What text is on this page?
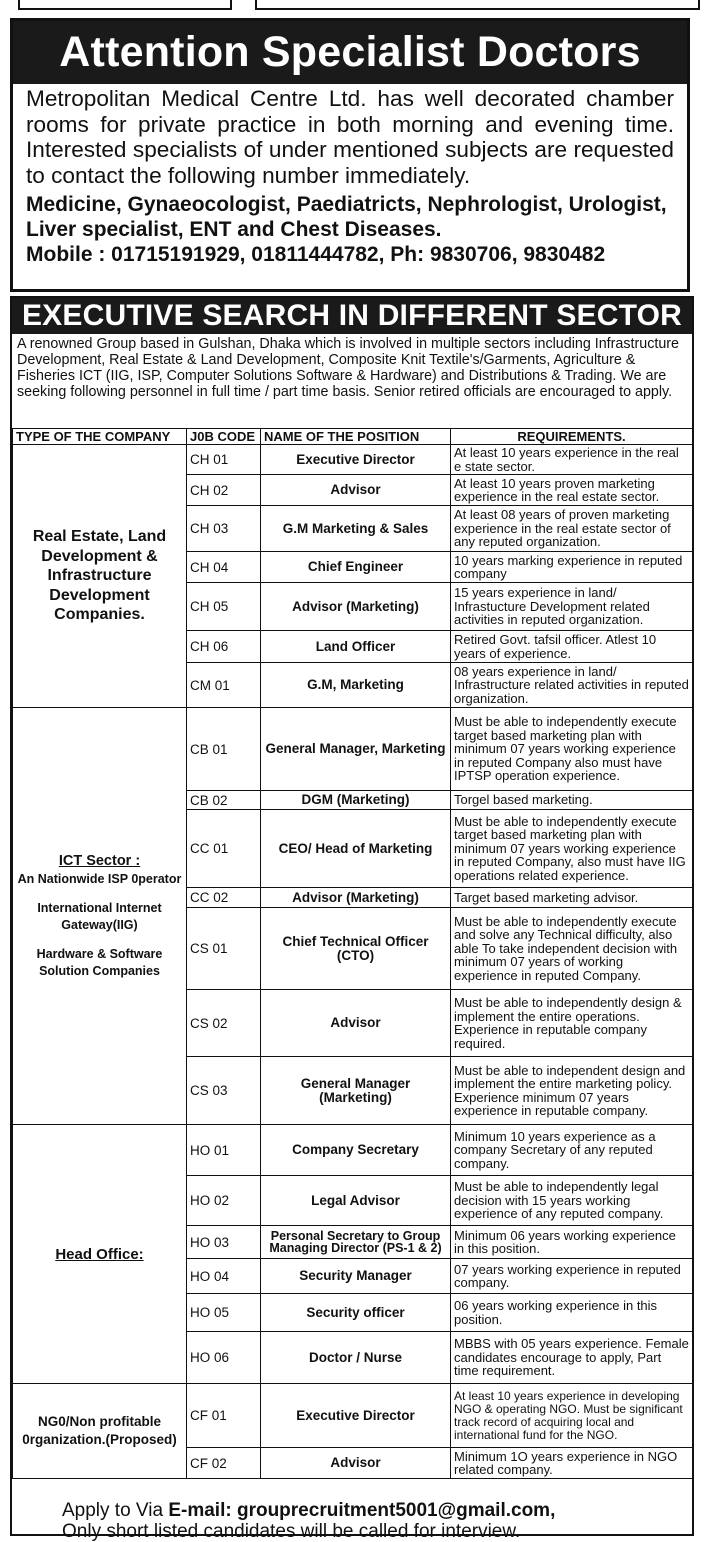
Attention Specialist Doctors
Metropolitan Medical Centre Ltd. has well decorated chamber rooms for private practice in both morning and evening time. Interested specialists of under mentioned subjects are requested to contact the following number immediately.
Medicine, Gynaeocologist, Paediatricts, Nephrologist, Urologist, Liver specialist, ENT and Chest Diseases.
Mobile : 01715191929, 01811444782, Ph: 9830706, 9830482
EXECUTIVE SEARCH IN DIFFERENT SECTOR
A renowned Group based in Gulshan, Dhaka which is involved in multiple sectors including Infrastructure Development, Real Estate & Land Development, Composite Knit Textile's/Garments, Agriculture & Fisheries ICT (IIG, ISP, Computer Solutions Software & Hardware) and Distributions & Trading. We are seeking following personnel in full time / part time basis. Senior retired officials are encouraged to apply.
TYPE OF THE COMPANY	J0B CODE	NAME OF THE POSITION	REQUIREMENTS.
Real Estate, Land Development & Infrastructure Development Companies.	CH 01	Executive Director	At least 10 years experience in the real e state sector.
	CH 02	Advisor	At least 10 years proven marketing experience in the real estate sector.
	CH 03	G.M Marketing & Sales	At least 08 years of proven marketing experience in the real estate sector of any reputed organization.
	CH 04	Chief Engineer	10 years marking experience in reputed company
	CH 05	Advisor (Marketing)	15 years experience in land/ Infrastucture Development related activities in reputed organization.
	CH 06	Land Officer	Retired Govt. tafsil officer. Atlest 10 years of experience.
	CM 01	G.M, Marketing	08 years experience in land/ Infrastructure related activities in reputed organization.

ICT Sector :
An Nationwide ISP 0perator
International Internet Gateway(IIG)
Hardware & Software Solution Companies	CB 01	General Manager, Marketing	Must be able to independently execute target based marketing plan with minimum 07 years working experience in reputed Company also must have IPTSP operation experience.
	CB 02	DGM (Marketing)	Torgel based marketing.
	CC 01	CEO/ Head of Marketing	Must be able to independently execute target based marketing plan with minimum 07 years working experience in reputed Company, also must have IIG operations related experience.
	CC 02	Advisor (Marketing)	Target based marketing advisor.
	CS 01	Chief Technical Officer (CTO)	Must be able to independently execute and solve any Technical difficulty, also able To take independent decision with minimum 07 years of working experience in reputed Company.
	CS 02	Advisor	Must be able to independently design & implement the entire operations. Experience in reputable company required.
	CS 03	General Manager (Marketing)	Must be able to independent design and implement the entire marketing policy. Experience minimum 07 years experience in reputable company.
Head Office:	HO 01	Company Secretary	Minimum 10 years experience as a company Secretary of any reputed company.
	HO 02	Legal Advisor	Must be able to independently legal decision with 15 years working experience of any reputed company.
	HO 03	Personal Secretary to Group Managing Director (PS-1 & 2)	Minimum 06 years working experience in this position.
	HO 04	Security Manager	07 years working experience in reputed company.
	HO 05	Security officer	06 years working experience in this position.
	HO 06	Doctor / Nurse	MBBS with 05 years experience. Female candidates encourage to apply, Part time requirement.
NG0/Non profitable 0rganization.(Proposed)	CF 01	Executive Director	At least 10 years experience in developing NGO & operating NGO. Must be significant track record of acquiring local and international fund for the NGO.
	CF 02	Advisor	Minimum 1O years experience in NGO related company.
Apply to Via E-mail: grouprecruitment5001@gmail.com,
Only short listed candidates will be called for interview.
